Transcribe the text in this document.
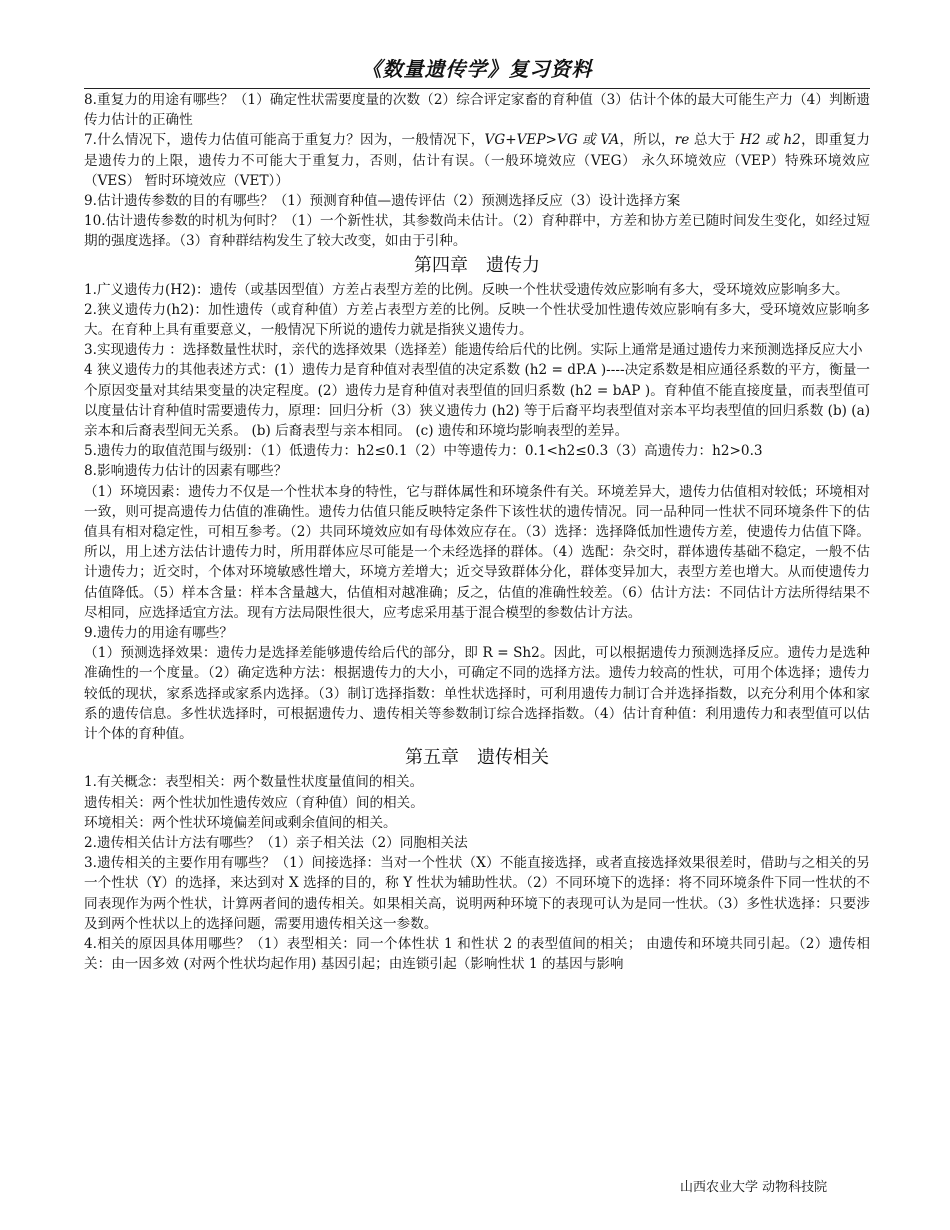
《数量遗传学》复习资料

8.重复力的用途有哪些？（1）确定性状需要度量的次数（2）综合评定家畜的育种值（3）估计个体的最大可能生产力（4）判断遗传力估计的正确性

7.什么情况下，遗传力估值可能高于重复力？因为，一般情况下，VG+VEP>VG 或 VA，所以，re 总大于 H2 或 h2，即重复力是遗传力的上限，遗传力不可能大于重复力，否则，估计有误。（一般环境效应（VEG） 永久环境效应（VEP）特殊环境效应（VES） 暂时环境效应（VET））

9.估计遗传参数的目的有哪些？（1）预测育种值—遗传评估（2）预测选择反应（3）设计选择方案

10.估计遗传参数的时机为何时？（1）一个新性状，其参数尚未估计。（2）育种群中，方差和协方差已随时间发生变化，如经过短期的强度选择。（3）育种群结构发生了较大改变，如由于引种。

第四章　遗传力

1.广义遗传力(H2)：遗传（或基因型值）方差占表型方差的比例。反映一个性状受遗传效应影响有多大，受环境效应影响多大。

2.狭义遗传力(h2)：加性遗传（或育种值）方差占表型方差的比例。反映一个性状受加性遗传效应影响有多大，受环境效应影响多大。在育种上具有重要意义，一般情况下所说的遗传力就是指狭义遗传力。

3.实现遗传力 ：选择数量性状时，亲代的选择效果（选择差）能遗传给后代的比例。实际上通常是通过遗传力来预测选择反应大小

4 狭义遗传力的其他表述方式：(1）遗传力是育种值对表型值的决定系数 (h2 = dP.A )----决定系数是相应通径系数的平方，衡量一个原因变量对其结果变量的决定程度。(2）遗传力是育种值对表型值的回归系数 (h2 = bAP )。育种值不能直接度量，而表型值可以度量估计育种值时需要遗传力，原理：回归分析（3）狭义遗传力 (h2) 等于后裔平均表型值对亲本平均表型值的回归系数 (b) (a) 亲本和后裔表型间无关系。 (b) 后裔表型与亲本相同。 (c) 遗传和环境均影响表型的差异。

5.遗传力的取值范围与级别：（1）低遗传力：h2≤0.1（2）中等遗传力：0.1<h2≤0.3（3）高遗传力：h2>0.3

8.影响遗传力估计的因素有哪些？

（1）环境因素：遗传力不仅是一个性状本身的特性，它与群体属性和环境条件有关。环境差异大，遗传力估值相对较低；环境相对一致，则可提高遗传力估值的准确性。遗传力估值只能反映特定条件下该性状的遗传情况。同一品种同一性状不同环境条件下的估值具有相对稳定性，可相互参考。（2）共同环境效应如有母体效应存在。（3）选择：选择降低加性遗传方差，使遗传力估值下降。所以，用上述方法估计遗传力时，所用群体应尽可能是一个未经选择的群体。（4）选配：杂交时，群体遗传基础不稳定，一般不估计遗传力；近交时，个体对环境敏感性增大，环境方差增大；近交导致群体分化，群体变异加大，表型方差也增大。从而使遗传力估值降低。（5）样本含量：样本含量越大，估值相对越准确；反之，估值的准确性较差。（6）估计方法：不同估计方法所得结果不尽相同，应选择适宜方法。现有方法局限性很大，应考虑采用基于混合模型的参数估计方法。

9.遗传力的用途有哪些？

（1）预测选择效果：遗传力是选择差能够遗传给后代的部分，即 R = Sh2。因此，可以根据遗传力预测选择反应。遗传力是选种准确性的一个度量。（2）确定选种方法：根据遗传力的大小，可确定不同的选择方法。遗传力较高的性状，可用个体选择；遗传力较低的现状，家系选择或家系内选择。（3）制订选择指数：单性状选择时，可利用遗传力制订合并选择指数，以充分利用个体和家系的遗传信息。多性状选择时，可根据遗传力、遗传相关等参数制订综合选择指数。（4）估计育种值：利用遗传力和表型值可以估计个体的育种值。

第五章　遗传相关

1.有关概念：表型相关：两个数量性状度量值间的相关。

遗传相关：两个性状加性遗传效应（育种值）间的相关。

环境相关：两个性状环境偏差间或剩余值间的相关。

2.遗传相关估计方法有哪些？（1）亲子相关法（2）同胞相关法

3.遗传相关的主要作用有哪些？（1）间接选择：当对一个性状（X）不能直接选择，或者直接选择效果很差时，借助与之相关的另一个性状（Y）的选择，来达到对 X 选择的目的，称 Y 性状为辅助性状。（2）不同环境下的选择：将不同环境条件下同一性状的不同表现作为两个性状，计算两者间的遗传相关。如果相关高，说明两种环境下的表现可认为是同一性状。（3）多性状选择：只要涉及到两个性状以上的选择问题，需要用遗传相关这一参数。

4.相关的原因具体用哪些？（1）表型相关：同一个体性状 1 和性状 2 的表型值间的相关； 由遗传和环境共同引起。（2）遗传相关：由一因多效 (对两个性状均起作用) 基因引起；由连锁引起（影响性状 1 的基因与影响

山西农业大学 动物科技院
